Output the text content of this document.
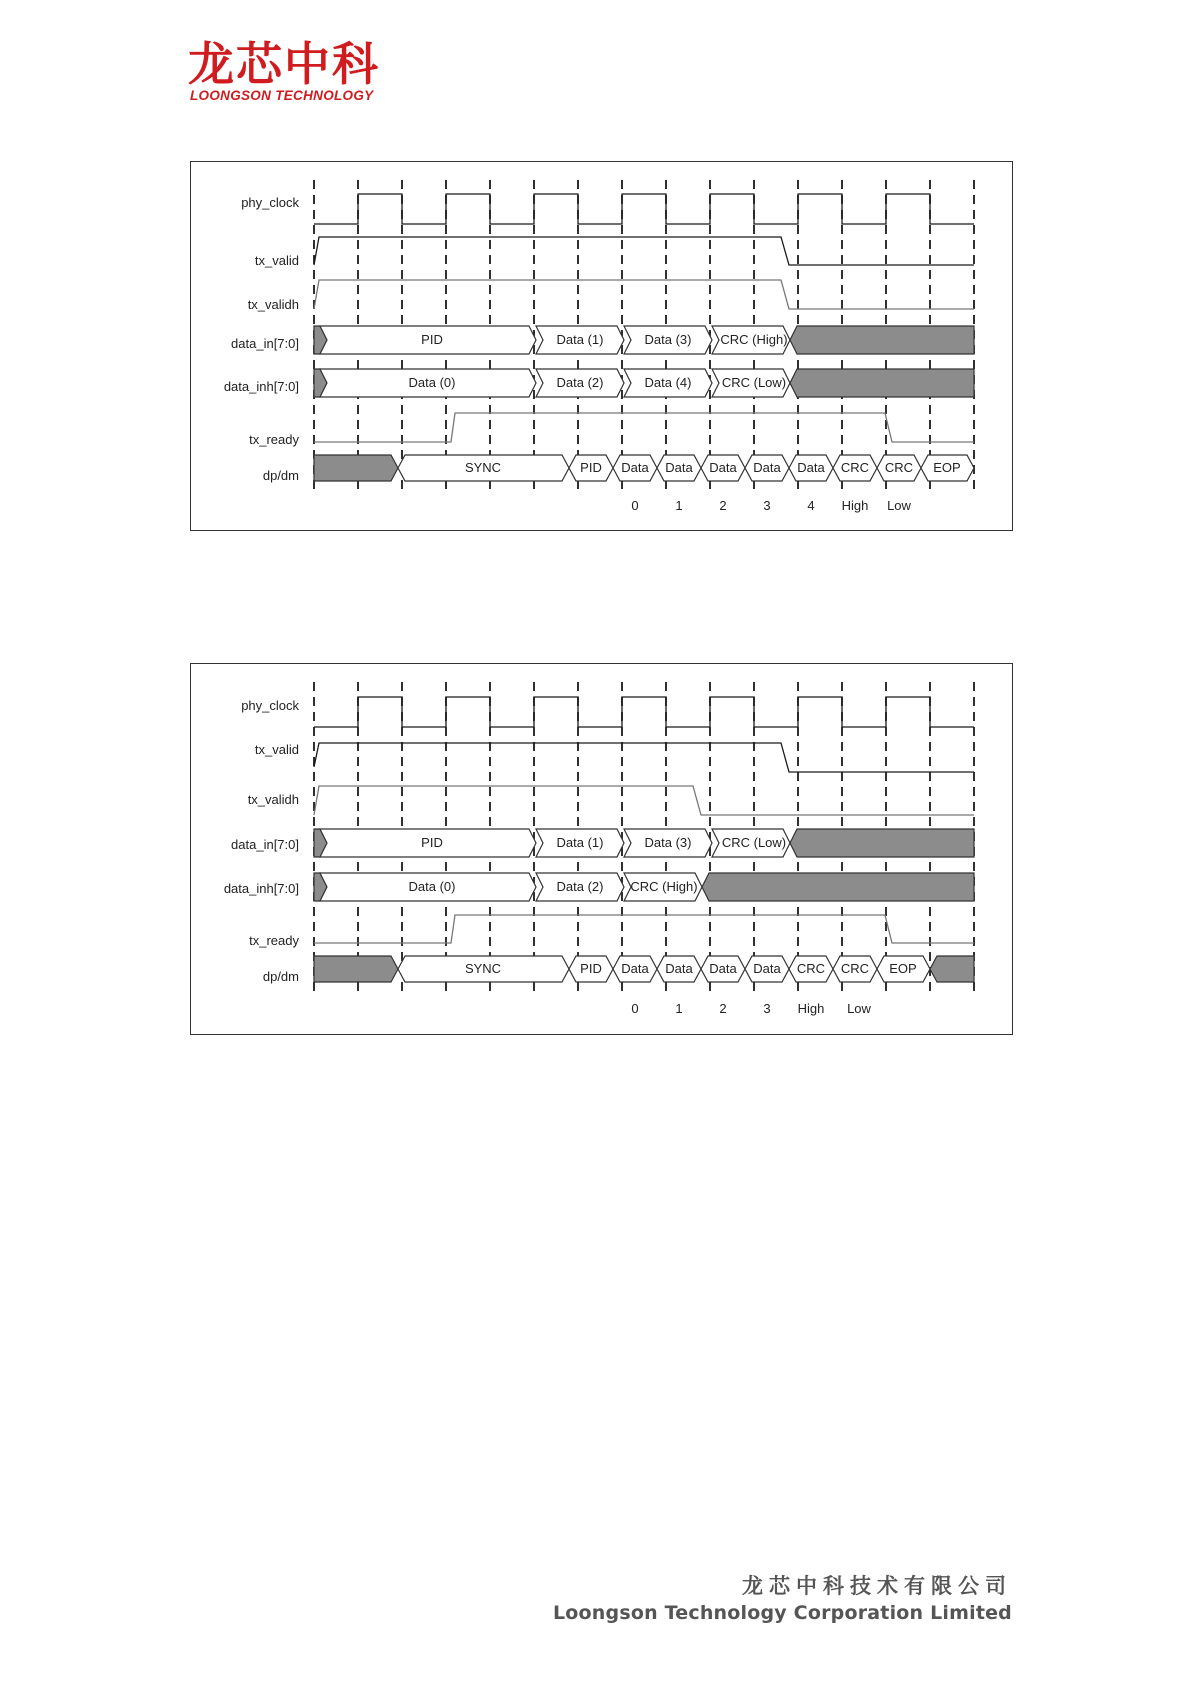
龙芯中科
LOONGSON TECHNOLOGY
phy_clock
tx_valid
tx_validh
data_in[7:0]
data_inh[7:0]
tx_ready
dp/dm
PID	Data (1)	Data (3) CRC (High)
Data (0)	Data (2)	Data (4) CRC (Low)
SYNC	PID Data Data Data Data Data CRC CRC EOP
0	1	2	3	4 High Low
phy_clock
tx_valid
tx_validh
data_in[7:0]
data_inh[7:0]
tx_ready
dp/dm
PID	Data (1)	Data (3) CRC (Low)
Data (0)	Data (2) CRC (High)
SYNC	PID Data Data Data Data CRC CRC EOP
0	1	2	3 High Low
龙芯中科技术有限公司
Loongson Technology Corporation Limited
